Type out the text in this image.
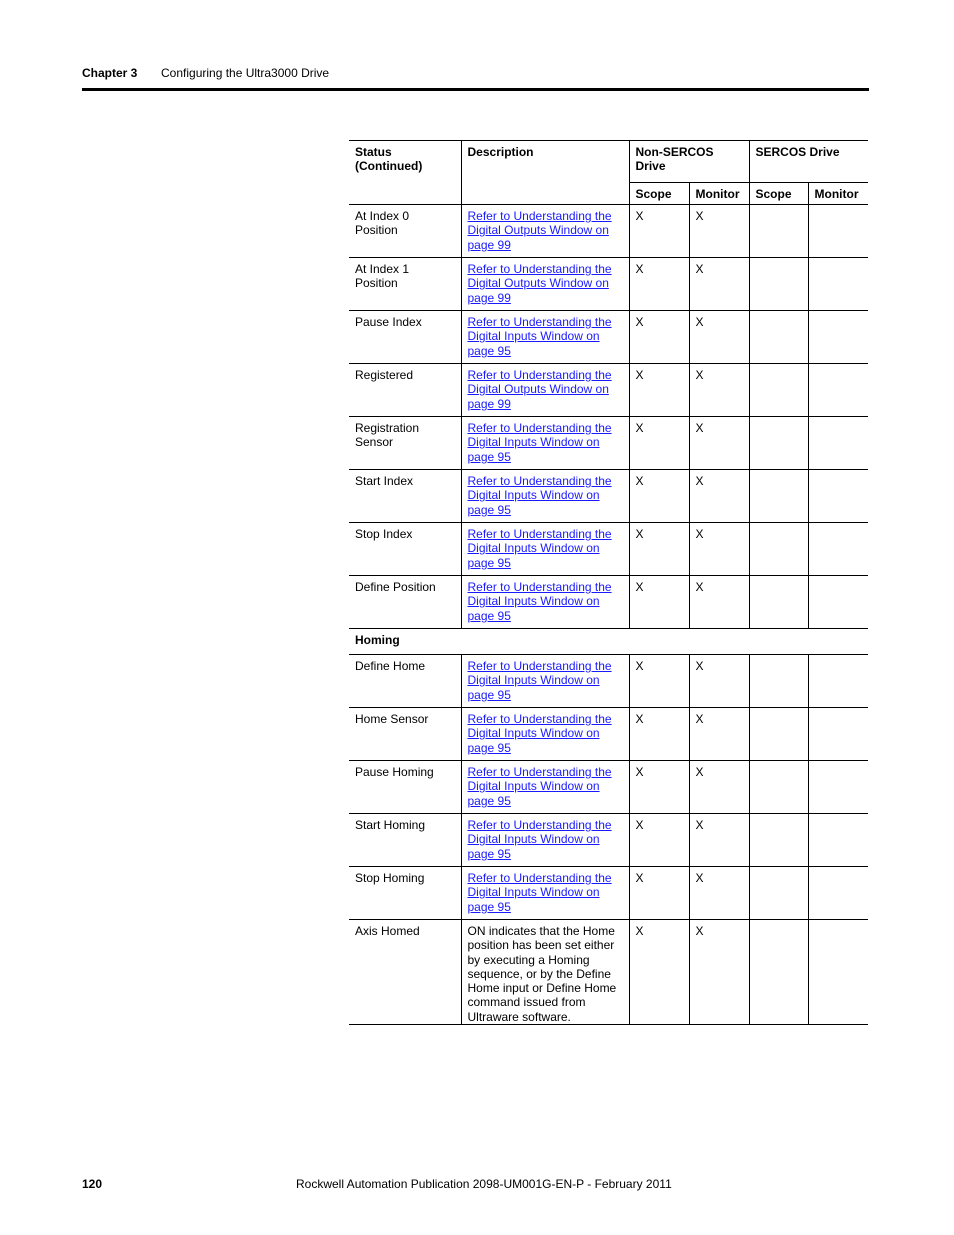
Chapter 3 Configuring the Ultra3000 Drive
Status
(Continued)	Description	Non-SERCOS
Drive		SERCOS Drive	
		Scope	Monitor	Scope	Monitor
At Index 0 Position	Refer to Understanding the Digital Outputs Window on page 99	X	X		
At Index 1 Position	Refer to Understanding the Digital Outputs Window on page 99	X	X		
Pause Index	Refer to Understanding the Digital Inputs Window on page 95	X	X		
Registered	Refer to Understanding the Digital Outputs Window on page 99	X	X		
Registration Sensor	Refer to Understanding the Digital Inputs Window on page 95	X	X		
Start Index	Refer to Understanding the Digital Inputs Window on page 95	X	X		
Stop Index	Refer to Understanding the Digital Inputs Window on page 95	X	X		
Define Position	Refer to Understanding the Digital Inputs Window on page 95	X	X		
Homing					
Define Home	Refer to Understanding the Digital Inputs Window on page 95	X	X		
Home Sensor	Refer to Understanding the Digital Inputs Window on page 95	X	X		
Pause Homing	Refer to Understanding the Digital Inputs Window on page 95	X	X		
Start Homing	Refer to Understanding the Digital Inputs Window on page 95	X	X		
Stop Homing	Refer to Understanding the Digital Inputs Window on page 95	X	X		
Axis Homed	ON indicates that the Home position has been set either by executing a Homing sequence, or by the Define Home input or Define Home command issued from Ultraware software.	X	X		
120	Rockwell Automation Publication 2098-UM001G-EN-P - February 2011
